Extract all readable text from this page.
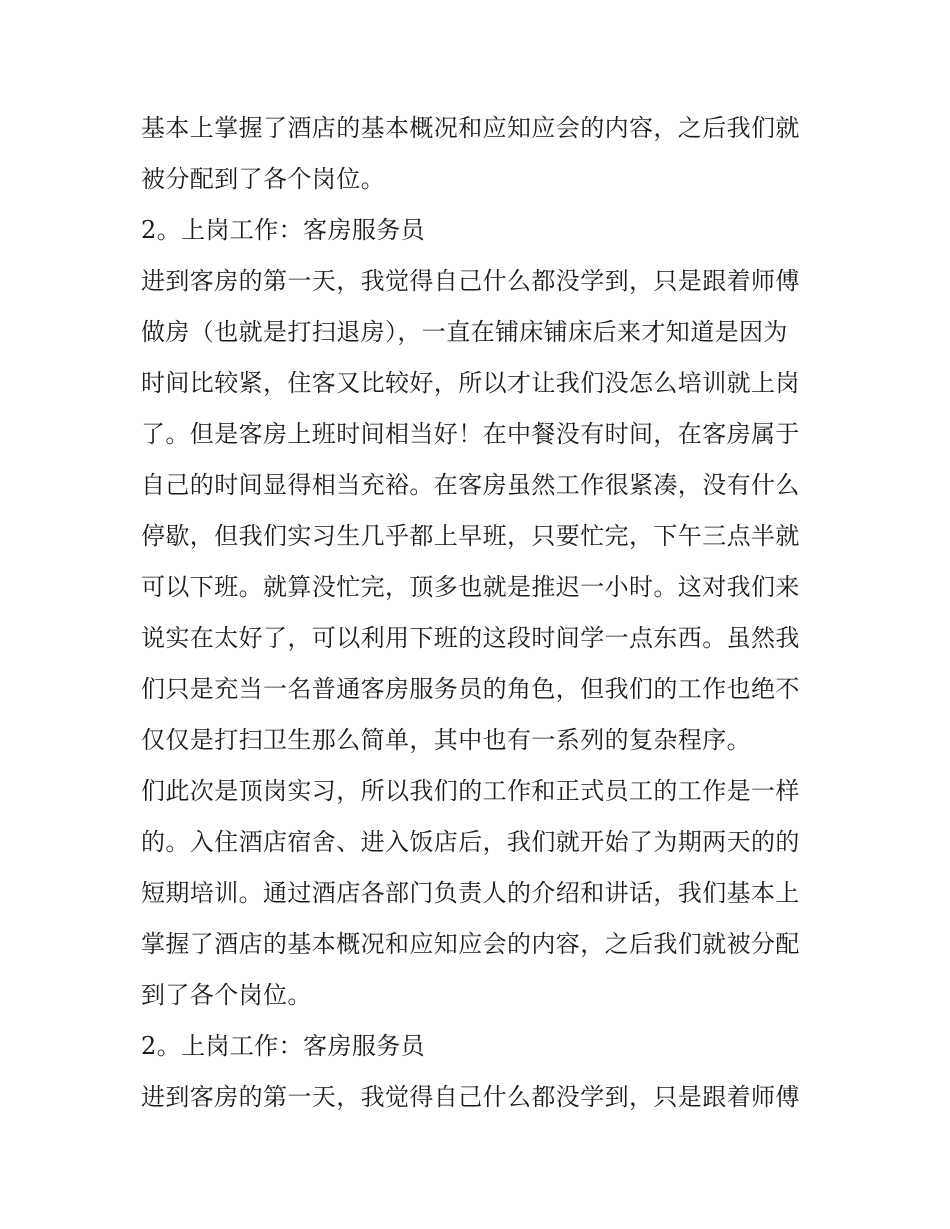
基本上掌握了酒店的基本概况和应知应会的内容，之后我们就
被分配到了各个岗位。
2。上岗工作：客房服务员
进到客房的第一天，我觉得自己什么都没学到，只是跟着师傅
做房（也就是打扫退房），一直在铺床铺床后来才知道是因为
时间比较紧，住客又比较好，所以才让我们没怎么培训就上岗
了。但是客房上班时间相当好！在中餐没有时间，在客房属于
自己的时间显得相当充裕。在客房虽然工作很紧凑，没有什么
停歇，但我们实习生几乎都上早班，只要忙完，下午三点半就
可以下班。就算没忙完，顶多也就是推迟一小时。这对我们来
说实在太好了，可以利用下班的这段时间学一点东西。虽然我
们只是充当一名普通客房服务员的角色，但我们的工作也绝不
仅仅是打扫卫生那么简单，其中也有一系列的复杂程序。
们此次是顶岗实习，所以我们的工作和正式员工的工作是一样
的。入住酒店宿舍、进入饭店后，我们就开始了为期两天的的
短期培训。通过酒店各部门负责人的介绍和讲话，我们基本上
掌握了酒店的基本概况和应知应会的内容，之后我们就被分配
到了各个岗位。
2。上岗工作：客房服务员
进到客房的第一天，我觉得自己什么都没学到，只是跟着师傅
